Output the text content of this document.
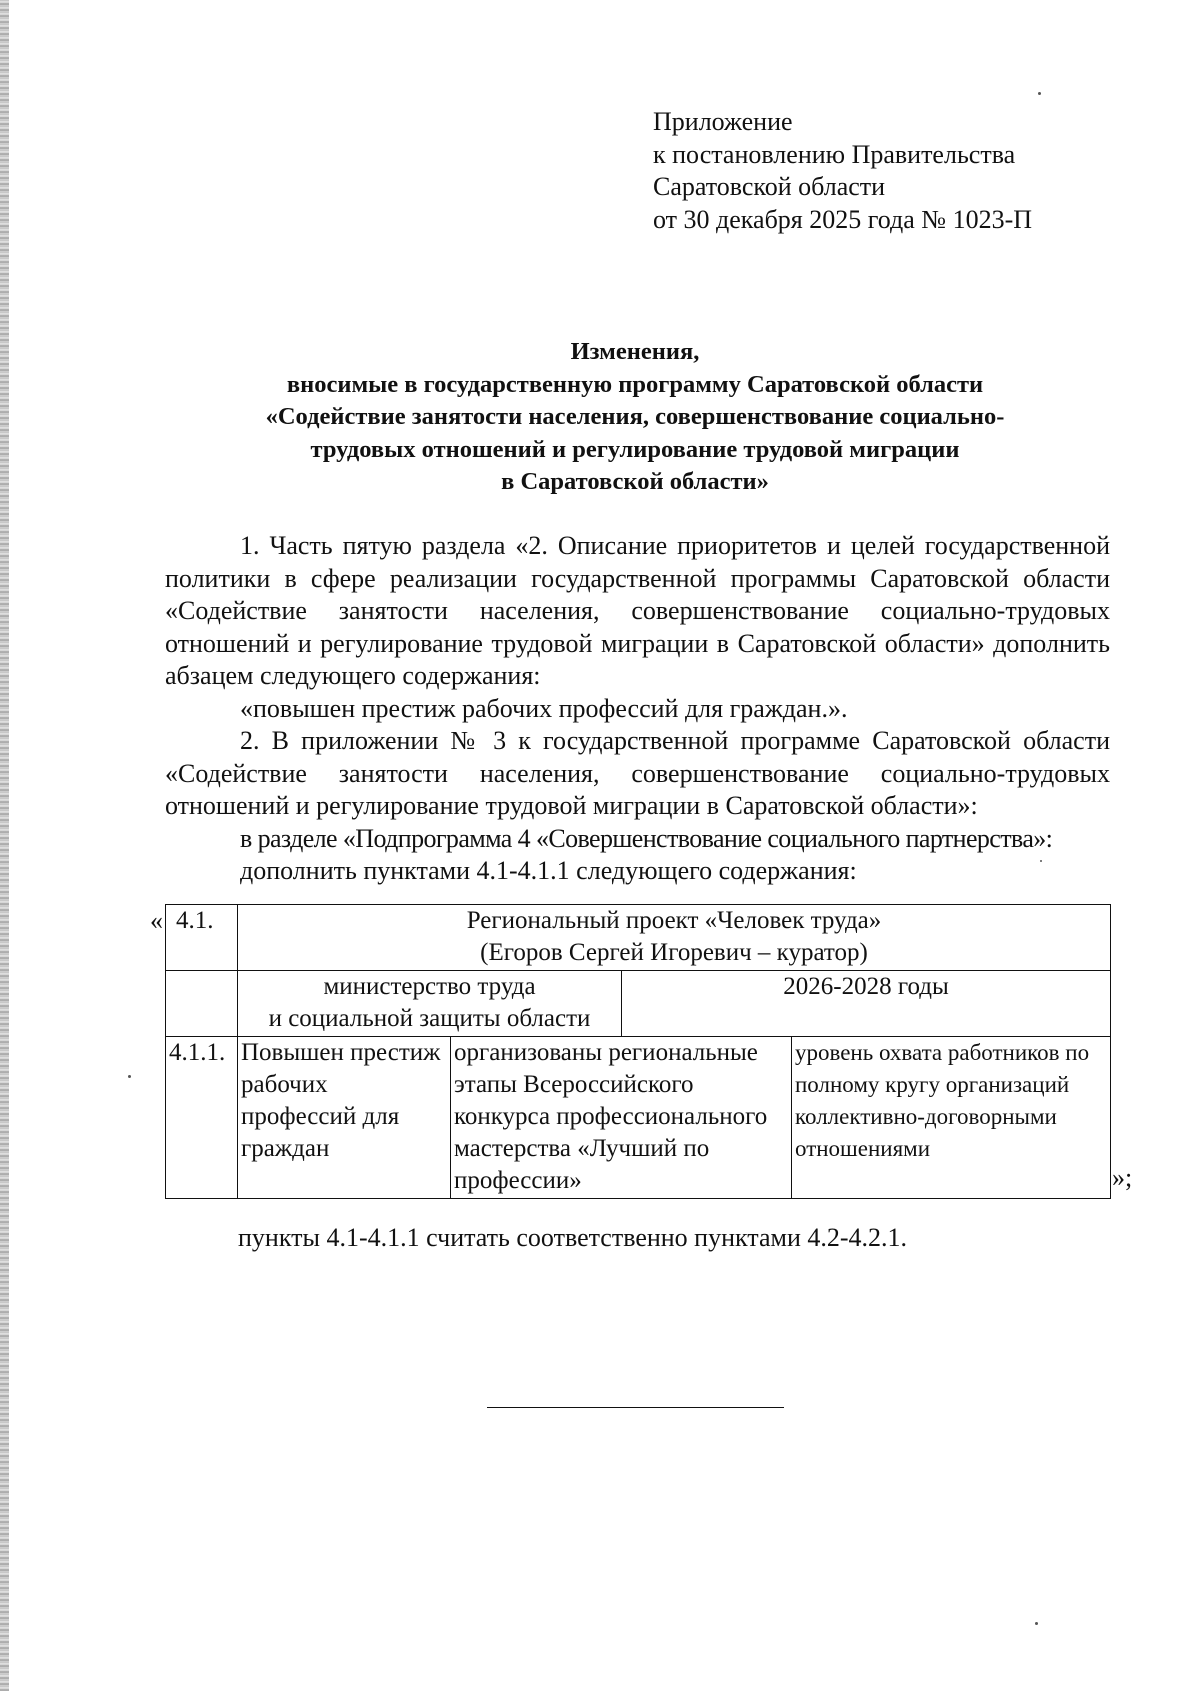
Приложение
к постановлению Правительства
Саратовской области
от 30 декабря 2025 года № 1023-П
Изменения,
вносимые в государственную программу Саратовской области
«Содействие занятости населения, совершенствование социально-
трудовых отношений и регулирование трудовой миграции
в Саратовской области»

1. Часть пятую раздела «2. Описание приоритетов и целей государственной политики в сфере реализации государственной программы Саратовской области «Содействие занятости населения, совершенствование социально-трудовых отношений и регулирование трудовой миграции в Саратовской области» дополнить абзацем следующего содержания:

«повышен престиж рабочих профессий для граждан.».

2. В приложении № 3 к государственной программе Саратовской области «Содействие занятости населения, совершенствование социально-трудовых отношений и регулирование трудовой миграции в Саратовской области»:

в разделе «Подпрограмма 4 «Совершенствование социального партнерства»:

дополнить пунктами 4.1-4.1.1 следующего содержания:

« 4.1.	Региональный проект «Человек труда»
(Егоров Сергей Игоревич – куратор)			

	министерство труда
и социальной защиты области		2026-2028 годы	
4.1.1.	Повышен престиж рабочих профессий для граждан	организованы региональные этапы Всероссийского конкурса профессионального мастерства «Лучший по профессии»		уровень охвата работников по полному кругу организаций коллективно-договорными отношениями
»;
пункты 4.1-4.1.1 считать соответственно пунктами 4.2-4.2.1.
